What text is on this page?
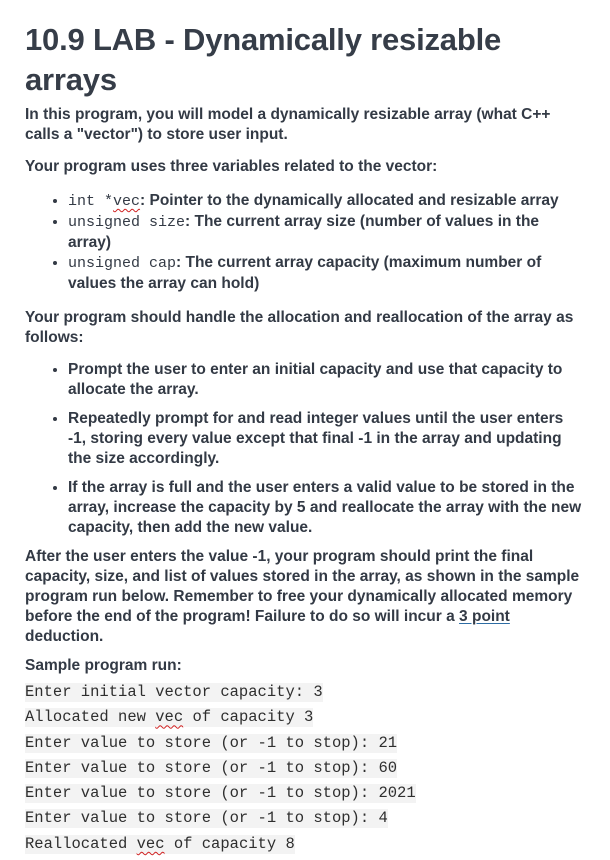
10.9 LAB - Dynamically resizable arrays

In this program, you will model a dynamically resizable array (what C++ calls a "vector") to store user input.

Your program uses three variables related to the vector:

• int *vec: Pointer to the dynamically allocated and resizable array
• unsigned size: The current array size (number of values in the array)
• unsigned cap: The current array capacity (maximum number of values the array can hold)

Your program should handle the allocation and reallocation of the array as follows:

• Prompt the user to enter an initial capacity and use that capacity to allocate the array.
• Repeatedly prompt for and read integer values until the user enters -1, storing every value except that final -1 in the array and updating the size accordingly.
• If the array is full and the user enters a valid value to be stored in the array, increase the capacity by 5 and reallocate the array with the new capacity, then add the new value.

After the user enters the value -1, your program should print the final capacity, size, and list of values stored in the array, as shown in the sample program run below. Remember to free your dynamically allocated memory before the end of the program! Failure to do so will incur a 3 point deduction.

Sample program run:

Enter initial vector capacity: 3
Allocated new vec of capacity 3
Enter value to store (or -1 to stop): 21
Enter value to store (or -1 to stop): 60
Enter value to store (or -1 to stop): 2021
Enter value to store (or -1 to stop): 4
Reallocated vec of capacity 8
